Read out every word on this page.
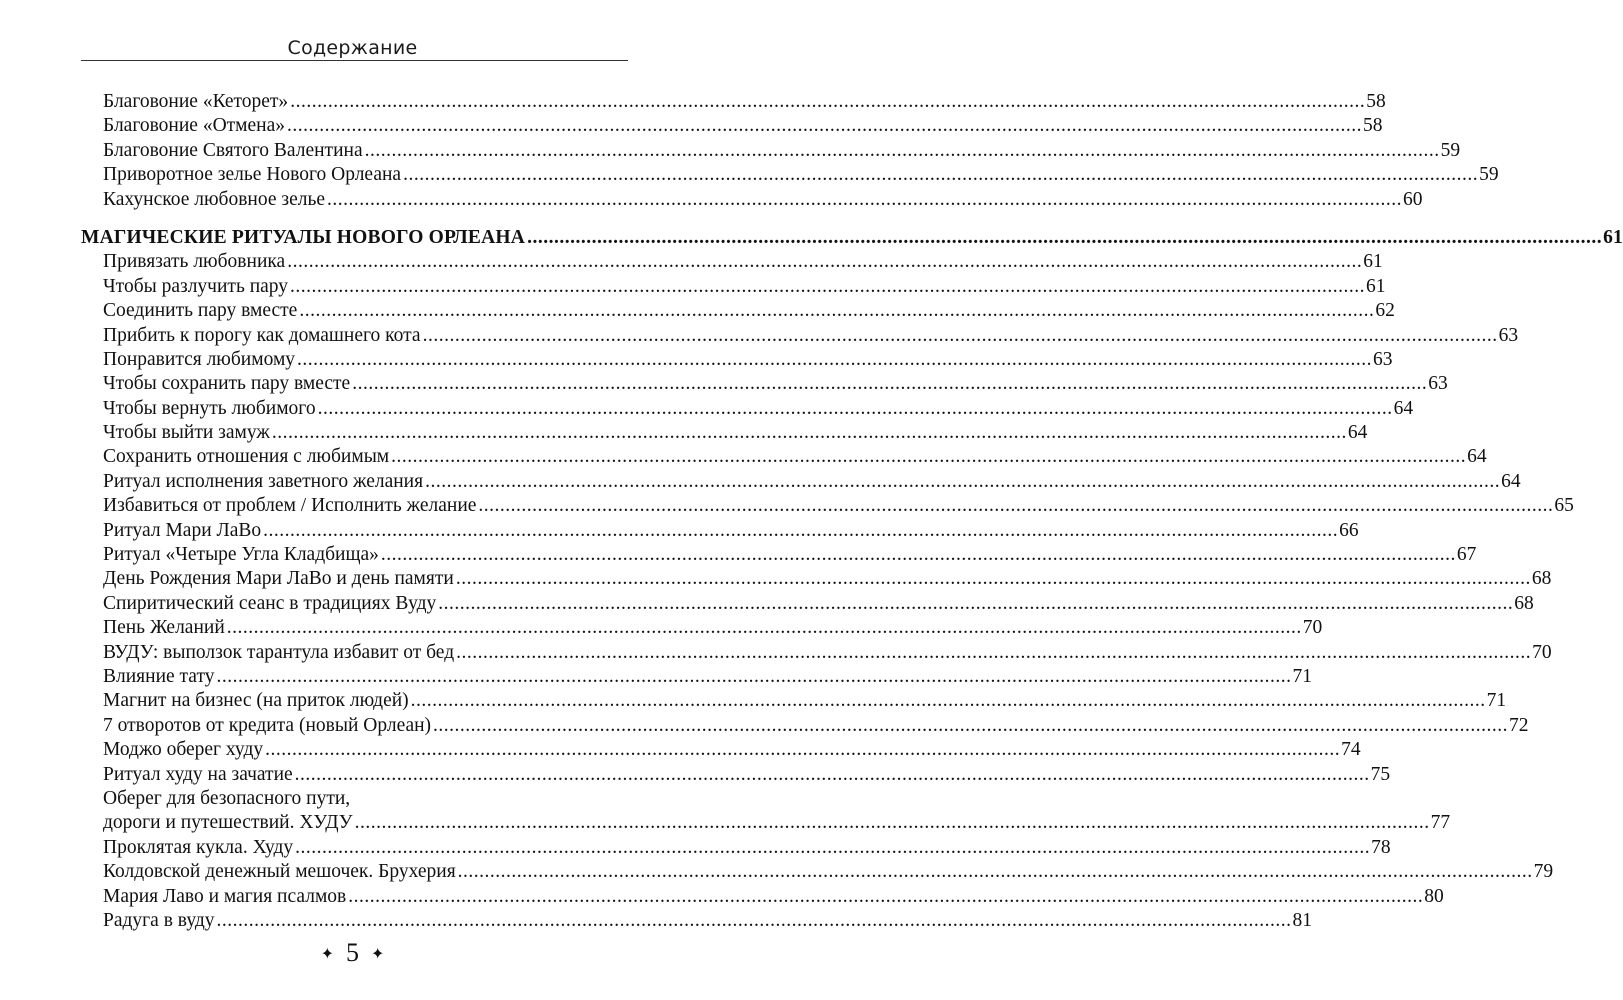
Содержание
Благовоние «Кеторет» ........................................................................................................................................................................................................ 58
Благовоние «Отмена» ........................................................................................................................................................................................................ 58
Благовоние Святого Валентина ........................................................................................................................................................................................................ 59
Приворотное зелье Нового Орлеана ........................................................................................................................................................................................................ 59
Кахунское любовное зелье ........................................................................................................................................................................................................ 60
МАГИЧЕСКИЕ РИТУАЛЫ НОВОГО ОРЛЕАНА ........................................................................................................................................................................................................ 61
Привязать любовника ........................................................................................................................................................................................................ 61
Чтобы разлучить пару ........................................................................................................................................................................................................ 61
Соединить пару вместе ........................................................................................................................................................................................................ 62
Прибить к порогу как домашнего кота ........................................................................................................................................................................................................ 63
Понравится любимому ........................................................................................................................................................................................................ 63
Чтобы сохранить пару вместе ........................................................................................................................................................................................................ 63
Чтобы вернуть любимого ........................................................................................................................................................................................................ 64
Чтобы выйти замуж ........................................................................................................................................................................................................ 64
Сохранить отношения с любимым ........................................................................................................................................................................................................ 64
Ритуал исполнения заветного желания ........................................................................................................................................................................................................ 64
Избавиться от проблем / Исполнить желание ........................................................................................................................................................................................................ 65
Ритуал Мари ЛаВо ........................................................................................................................................................................................................ 66
Ритуал «Четыре Угла Кладбища» ........................................................................................................................................................................................................ 67
День Рождения Мари ЛаВо и день памяти ........................................................................................................................................................................................................ 68
Спиритический сеанс в традициях Вуду ........................................................................................................................................................................................................ 68
Пень Желаний ........................................................................................................................................................................................................ 70
ВУДУ: выползок тарантула избавит от бед ........................................................................................................................................................................................................ 70
Влияние тату ........................................................................................................................................................................................................ 71
Магнит на бизнес (на приток людей) ........................................................................................................................................................................................................ 71
7 отворотов от кредита (новый Орлеан) ........................................................................................................................................................................................................ 72
Моджо оберег худу ........................................................................................................................................................................................................ 74
Ритуал худу на зачатие ........................................................................................................................................................................................................ 75
Оберег для безопасного пути,
дороги и путешествий. ХУДУ ........................................................................................................................................................................................................ 77
Проклятая кукла. Худу ........................................................................................................................................................................................................ 78
Колдовской денежный мешочек. Брухерия ........................................................................................................................................................................................................ 79
Мария Лаво и магия псалмов ........................................................................................................................................................................................................ 80
Радуга в вуду ........................................................................................................................................................................................................ 81
✦ 5 ✦
